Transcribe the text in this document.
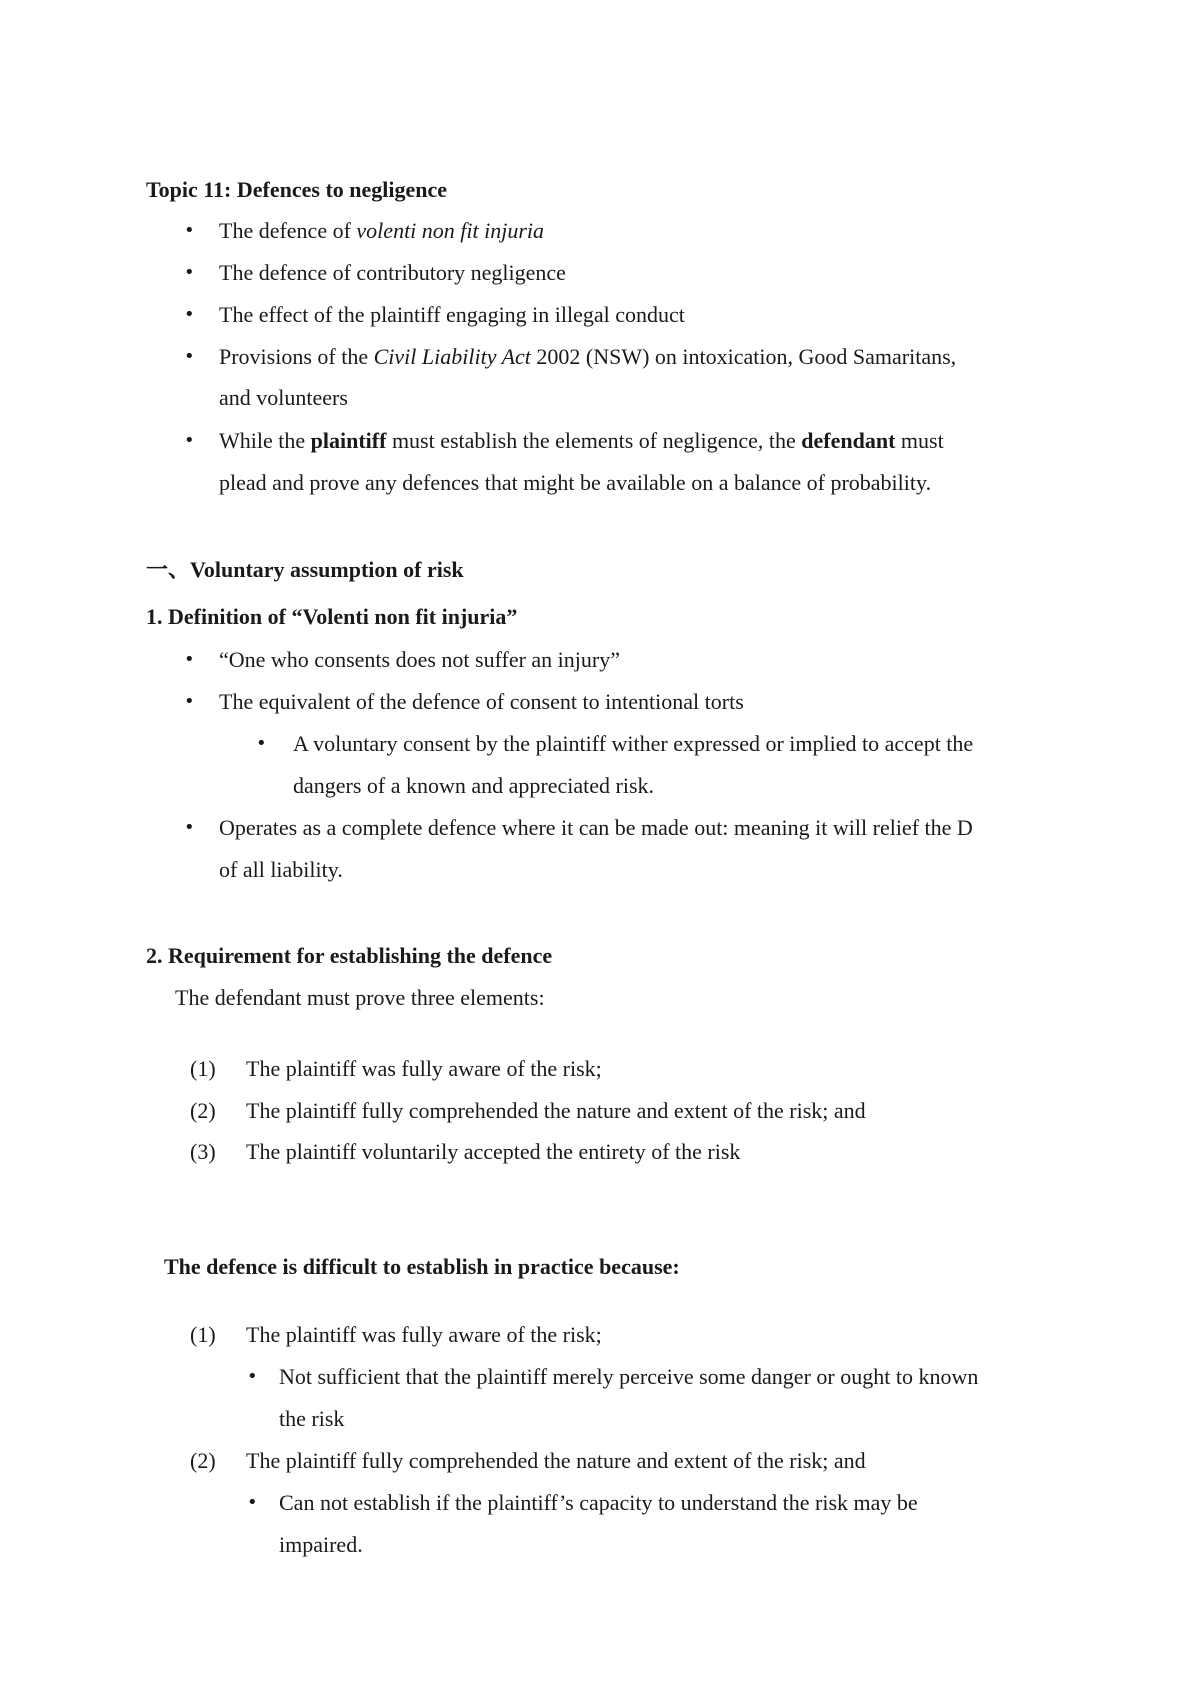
Topic 11: Defences to negligence
• The defence of volenti non fit injuria
• The defence of contributory negligence
• The effect of the plaintiff engaging in illegal conduct
• Provisions of the Civil Liability Act 2002 (NSW) on intoxication, Good Samaritans,
and volunteers
• While the plaintiff must establish the elements of negligence, the defendant must
plead and prove any defences that might be available on a balance of probability.
一、Voluntary assumption of risk
1. Definition of “Volenti non fit injuria”
• “One who consents does not suffer an injury”
• The equivalent of the defence of consent to intentional torts
• A voluntary consent by the plaintiff wither expressed or implied to accept the
dangers of a known and appreciated risk.
• Operates as a complete defence where it can be made out: meaning it will relief the D
of all liability.
2. Requirement for establishing the defence
The defendant must prove three elements:
(1) The plaintiff was fully aware of the risk;
(2) The plaintiff fully comprehended the nature and extent of the risk; and
(3) The plaintiff voluntarily accepted the entirety of the risk
The defence is difficult to establish in practice because:
(1) The plaintiff was fully aware of the risk;
• Not sufficient that the plaintiff merely perceive some danger or ought to known
the risk
(2) The plaintiff fully comprehended the nature and extent of the risk; and
• Can not establish if the plaintiff’s capacity to understand the risk may be
impaired.
